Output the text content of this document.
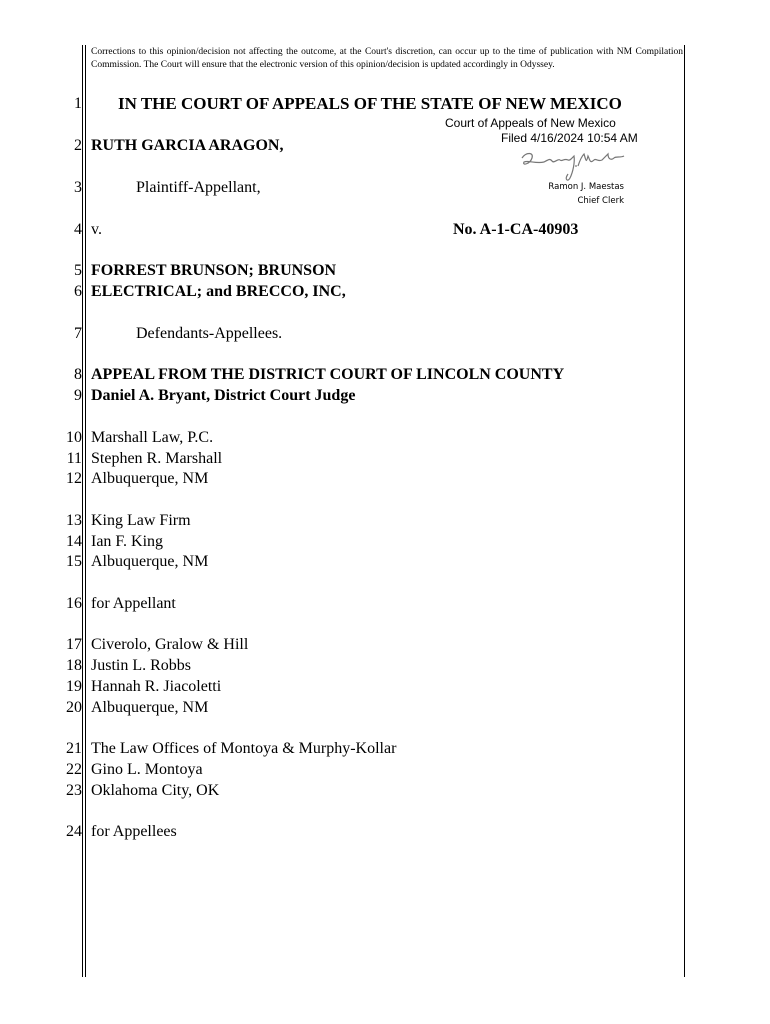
Corrections to this opinion/decision not affecting the outcome, at the Court's discretion, can occur up to the time of publication with NM Compilation Commission. The Court will ensure that the electronic version of this opinion/decision is updated accordingly in Odyssey.
1 IN THE COURT OF APPEALS OF THE STATE OF NEW MEXICO
Court of Appeals of New Mexico
Filed 4/16/2024 10:54 AM
Ramon J. Maestas
Chief Clerk
2 RUTH GARCIA ARAGON,
3	Plaintiff-Appellant,
4 v.	No. A-1-CA-40903
5 FORREST BRUNSON; BRUNSON
6 ELECTRICAL; and BRECCO, INC,
7	Defendants-Appellees.
8 APPEAL FROM THE DISTRICT COURT OF LINCOLN COUNTY
9 Daniel A. Bryant, District Court Judge
10 Marshall Law, P.C.
11 Stephen R. Marshall
12 Albuquerque, NM
13 King Law Firm
14 Ian F. King
15 Albuquerque, NM
16 for Appellant
17 Civerolo, Gralow & Hill
18 Justin L. Robbs
19 Hannah R. Jiacoletti
20 Albuquerque, NM
21 The Law Offices of Montoya & Murphy-Kollar
22 Gino L. Montoya
23 Oklahoma City, OK
24 for Appellees
